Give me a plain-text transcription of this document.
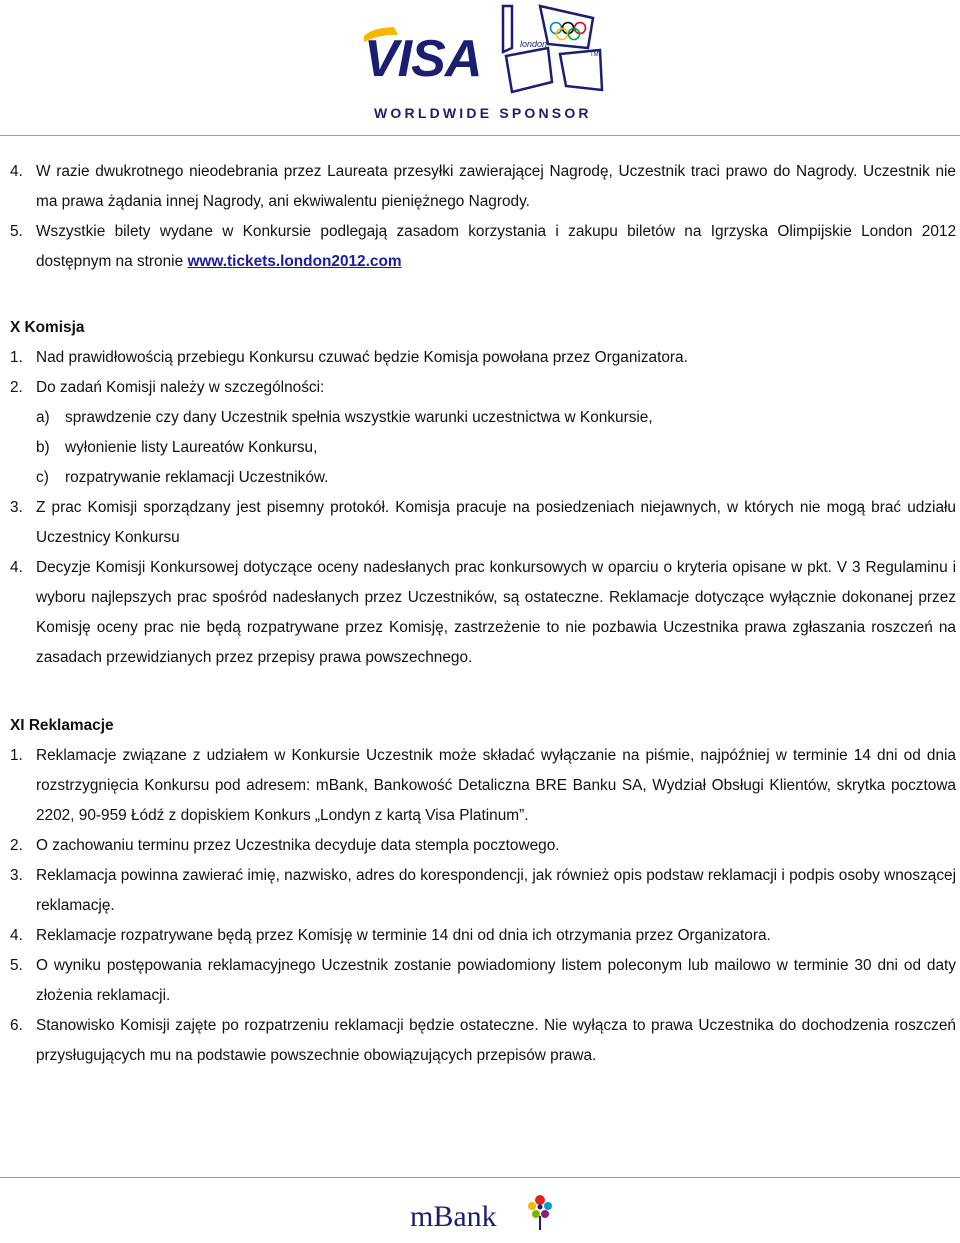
VISA	london
TM
WORLDWIDE SPONSOR

4. W razie dwukrotnego nieodebrania przez Laureata przesyłki zawierającej Nagrodę, Uczestnik traci prawo do Nagrody. Uczestnik nie ma prawa żądania innej Nagrody, ani ekwiwalentu pieniężnego Nagrody.

5. Wszystkie bilety wydane w Konkursie podlegają zasadom korzystania i zakupu biletów na Igrzyska Olimpijskie London 2012 dostępnym na stronie www.tickets.london2012.com

X Komisja

1. Nad prawidłowością przebiegu Konkursu czuwać będzie Komisja powołana przez Organizatora.

2. Do zadań Komisji należy w szczególności:

a) sprawdzenie czy dany Uczestnik spełnia wszystkie warunki uczestnictwa w Konkursie,

b) wyłonienie listy Laureatów Konkursu,

c) rozpatrywanie reklamacji Uczestników.

3. Z prac Komisji sporządzany jest pisemny protokół. Komisja pracuje na posiedzeniach niejawnych, w których nie mogą brać udziału Uczestnicy Konkursu

4. Decyzje Komisji Konkursowej dotyczące oceny nadesłanych prac konkursowych w oparciu o kryteria opisane w pkt. V 3 Regulaminu i wyboru najlepszych prac spośród nadesłanych przez Uczestników, są ostateczne. Reklamacje dotyczące wyłącznie dokonanej przez Komisję oceny prac nie będą rozpatrywane przez Komisję, zastrzeżenie to nie pozbawia Uczestnika prawa zgłaszania roszczeń na zasadach przewidzianych przez przepisy prawa powszechnego.

XI Reklamacje

1. Reklamacje związane z udziałem w Konkursie Uczestnik może składać wyłączanie na piśmie, najpóźniej w terminie 14 dni od dnia rozstrzygnięcia Konkursu pod adresem: mBank, Bankowość Detaliczna BRE Banku SA, Wydział Obsługi Klientów, skrytka pocztowa 2202, 90-959 Łódź z dopiskiem Konkurs „Londyn z kartą Visa Platinum”.

2. O zachowaniu terminu przez Uczestnika decyduje data stempla pocztowego.

3. Reklamacja powinna zawierać imię, nazwisko, adres do korespondencji, jak również opis podstaw reklamacji i podpis osoby wnoszącej reklamację.

4. Reklamacje rozpatrywane będą przez Komisję w terminie 14 dni od dnia ich otrzymania przez Organizatora.

5. O wyniku postępowania reklamacyjnego Uczestnik zostanie powiadomiony listem poleconym lub mailowo w terminie 30 dni od daty złożenia reklamacji.

6. Stanowisko Komisji zajęte po rozpatrzeniu reklamacji będzie ostateczne. Nie wyłącza to prawa Uczestnika do dochodzenia roszczeń przysługujących mu na podstawie powszechnie obowiązujących przepisów prawa.

mBank
